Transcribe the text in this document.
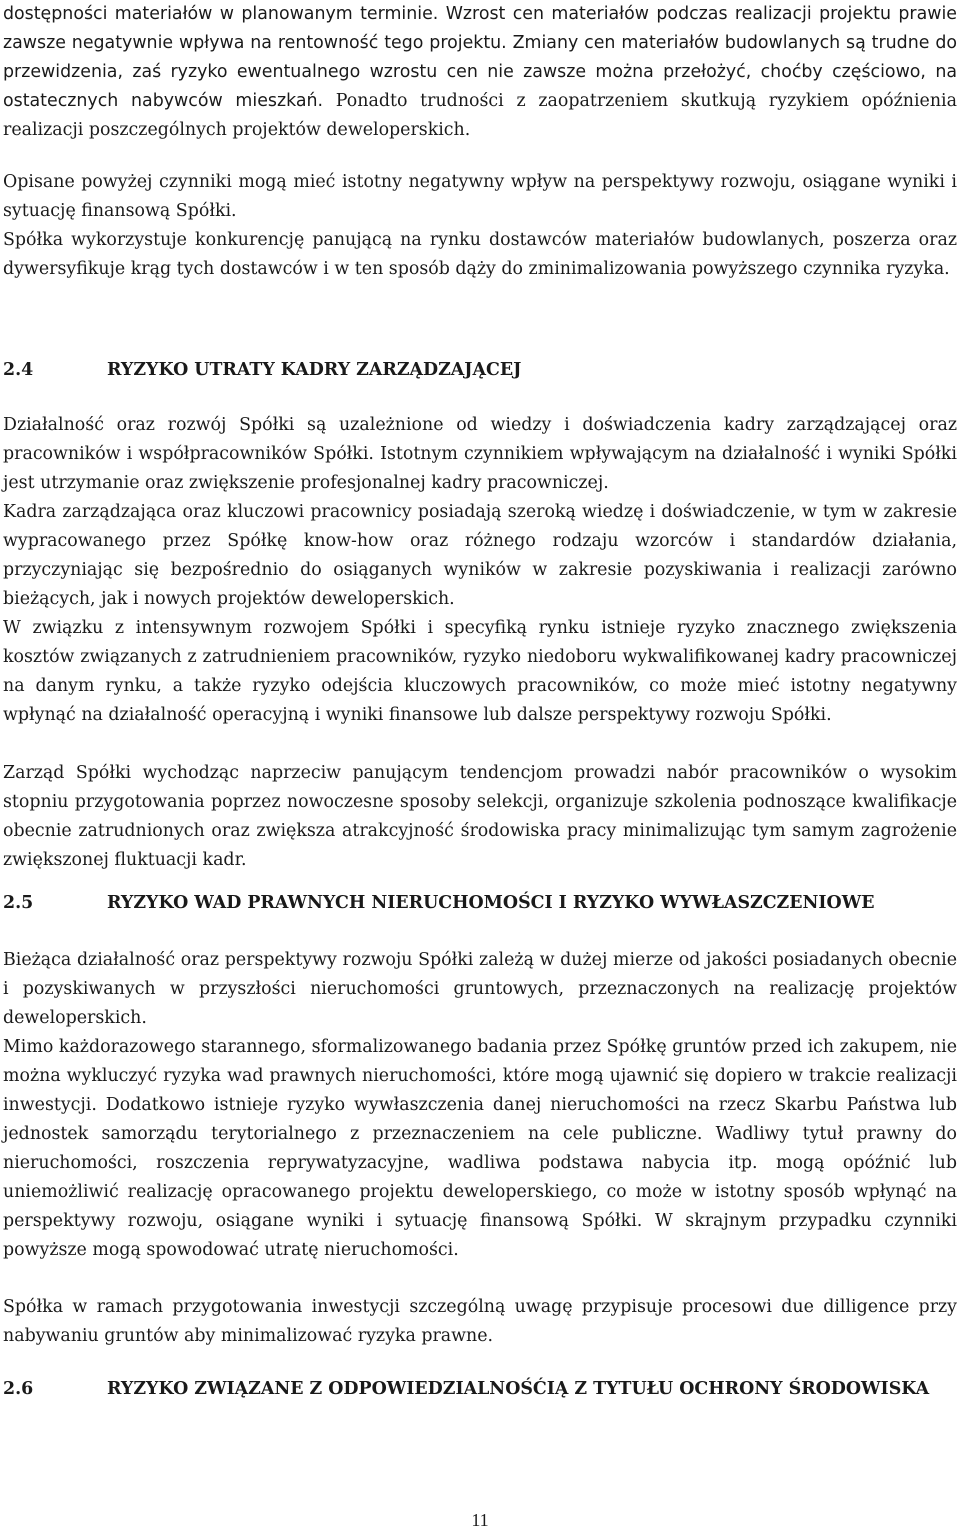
dostępności materiałów w planowanym terminie. Wzrost cen materiałów podczas realizacji projektu prawie zawsze negatywnie wpływa na rentowność tego projektu. Zmiany cen materiałów budowlanych są trudne do przewidzenia, zaś ryzyko ewentualnego wzrostu cen nie zawsze można przełożyć, choćby częściowo, na ostatecznych nabywców mieszkań. Ponadto trudności z zaopatrzeniem skutkują ryzykiem opóźnienia realizacji poszczególnych projektów deweloperskich.

Opisane powyżej czynniki mogą mieć istotny negatywny wpływ na perspektywy rozwoju, osiągane wyniki i sytuację finansową Spółki.

Spółka wykorzystuje konkurencję panującą na rynku dostawców materiałów budowlanych, poszerza oraz dywersyfikuje krąg tych dostawców i w ten sposób dąży do zminimalizowania powyższego czynnika ryzyka.

2.4	RYZYKO UTRATY KADRY ZARZĄDZAJĄCEJ

Działalność oraz rozwój Spółki są uzależnione od wiedzy i doświadczenia kadry zarządzającej oraz pracowników i współpracowników Spółki. Istotnym czynnikiem wpływającym na działalność i wyniki Spółki jest utrzymanie oraz zwiększenie profesjonalnej kadry pracowniczej.

Kadra zarządzająca oraz kluczowi pracownicy posiadają szeroką wiedzę i doświadczenie, w tym w zakresie wypracowanego przez Spółkę know-how oraz różnego rodzaju wzorców i standardów działania, przyczyniając się bezpośrednio do osiąganych wyników w zakresie pozyskiwania i realizacji zarówno bieżących, jak i nowych projektów deweloperskich.

W związku z intensywnym rozwojem Spółki i specyfiką rynku istnieje ryzyko znacznego zwiększenia kosztów związanych z zatrudnieniem pracowników, ryzyko niedoboru wykwalifikowanej kadry pracowniczej na danym rynku, a także ryzyko odejścia kluczowych pracowników, co może mieć istotny negatywny wpłynąć na działalność operacyjną i wyniki finansowe lub dalsze perspektywy rozwoju Spółki.

Zarząd Spółki wychodząc naprzeciw panującym tendencjom prowadzi nabór pracowników o wysokim stopniu przygotowania poprzez nowoczesne sposoby selekcji, organizuje szkolenia podnoszące kwalifikacje obecnie zatrudnionych oraz zwiększa atrakcyjność środowiska pracy minimalizując tym samym zagrożenie zwiększonej fluktuacji kadr.

2.5	RYZYKO WAD PRAWNYCH NIERUCHOMOŚCI I RYZYKO WYWŁASZCZENIOWE

Bieżąca działalność oraz perspektywy rozwoju Spółki zależą w dużej mierze od jakości posiadanych obecnie i pozyskiwanych w przyszłości nieruchomości gruntowych, przeznaczonych na realizację projektów deweloperskich.

Mimo każdorazowego starannego, sformalizowanego badania przez Spółkę gruntów przed ich zakupem, nie można wykluczyć ryzyka wad prawnych nieruchomości, które mogą ujawnić się dopiero w trakcie realizacji inwestycji. Dodatkowo istnieje ryzyko wywłaszczenia danej nieruchomości na rzecz Skarbu Państwa lub jednostek samorządu terytorialnego z przeznaczeniem na cele publiczne. Wadliwy tytuł prawny do nieruchomości, roszczenia reprywatyzacyjne, wadliwa podstawa nabycia itp. mogą opóźnić lub uniemożliwić realizację opracowanego projektu deweloperskiego, co może w istotny sposób wpłynąć na perspektywy rozwoju, osiągane wyniki i sytuację finansową Spółki. W skrajnym przypadku czynniki powyższe mogą spowodować utratę nieruchomości.

Spółka w ramach przygotowania inwestycji szczególną uwagę przypisuje procesowi due dilligence przy nabywaniu gruntów aby minimalizować ryzyka prawne.

2.6	RYZYKO ZWIĄZANE Z ODPOWIEDZIALNOŚĆIĄ Z TYTUŁU OCHRONY ŚRODOWISKA
11
